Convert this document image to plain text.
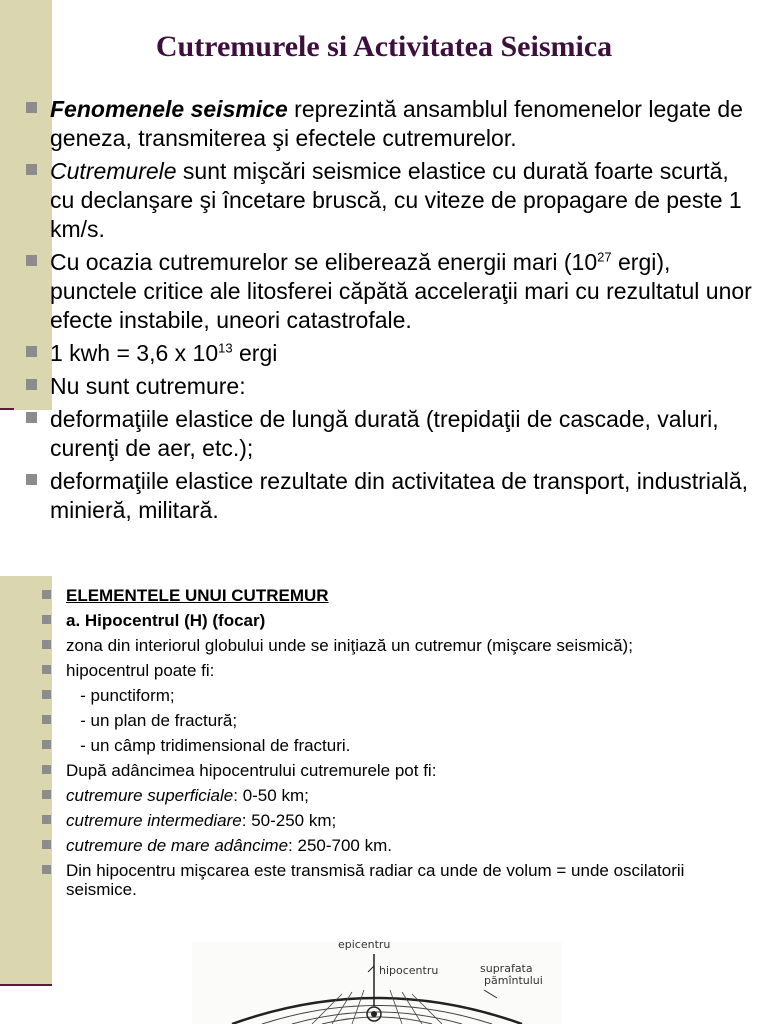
Cutremurele si Activitatea Seismica
Fenomenele seismice reprezintă ansamblul fenomenelor legate de geneza, transmiterea şi efectele cutremurelor.
Cutremurele sunt mişcări seismice elastice cu durată foarte scurtă, cu declanşare şi încetare bruscă, cu viteze de propagare de peste 1 km/s.
Cu ocazia cutremurelor se eliberează energii mari ($10^{27}$ ergi), punctele critice ale litosferei căpătă acceleraţii mari cu rezultatul unor efecte instabile, uneori catastrofale.
1 kwh = 3,6 x $10^{13}$ ergi
Nu sunt cutremure:
deformaţiile elastice de lungă durată (trepidaţii de cascade, valuri, curenţi de aer, etc.);
deformaţiile elastice rezultate din activitatea de transport, industrială, minieră, militară.
ELEMENTELE UNUI CUTREMUR
a. Hipocentrul (H) (focar)
zona din interiorul globului unde se iniţiază un cutremur (mişcare seismică);
hipocentrul poate fi:
- punctiform;
- un plan de fractură;
- un câmp tridimensional de fracturi.
După adâncimea hipocentrului cutremurele pot fi:
cutremure superficiale: 0-50 km;
cutremure intermediare: 50-250 km;
cutremure de mare adâncime: 250-700 km.
Din hipocentru mişcarea este transmisă radiar ca unde de volum = unde oscilatorii seismice.
epicentru
hipocentru	suprafata
pămîntului
